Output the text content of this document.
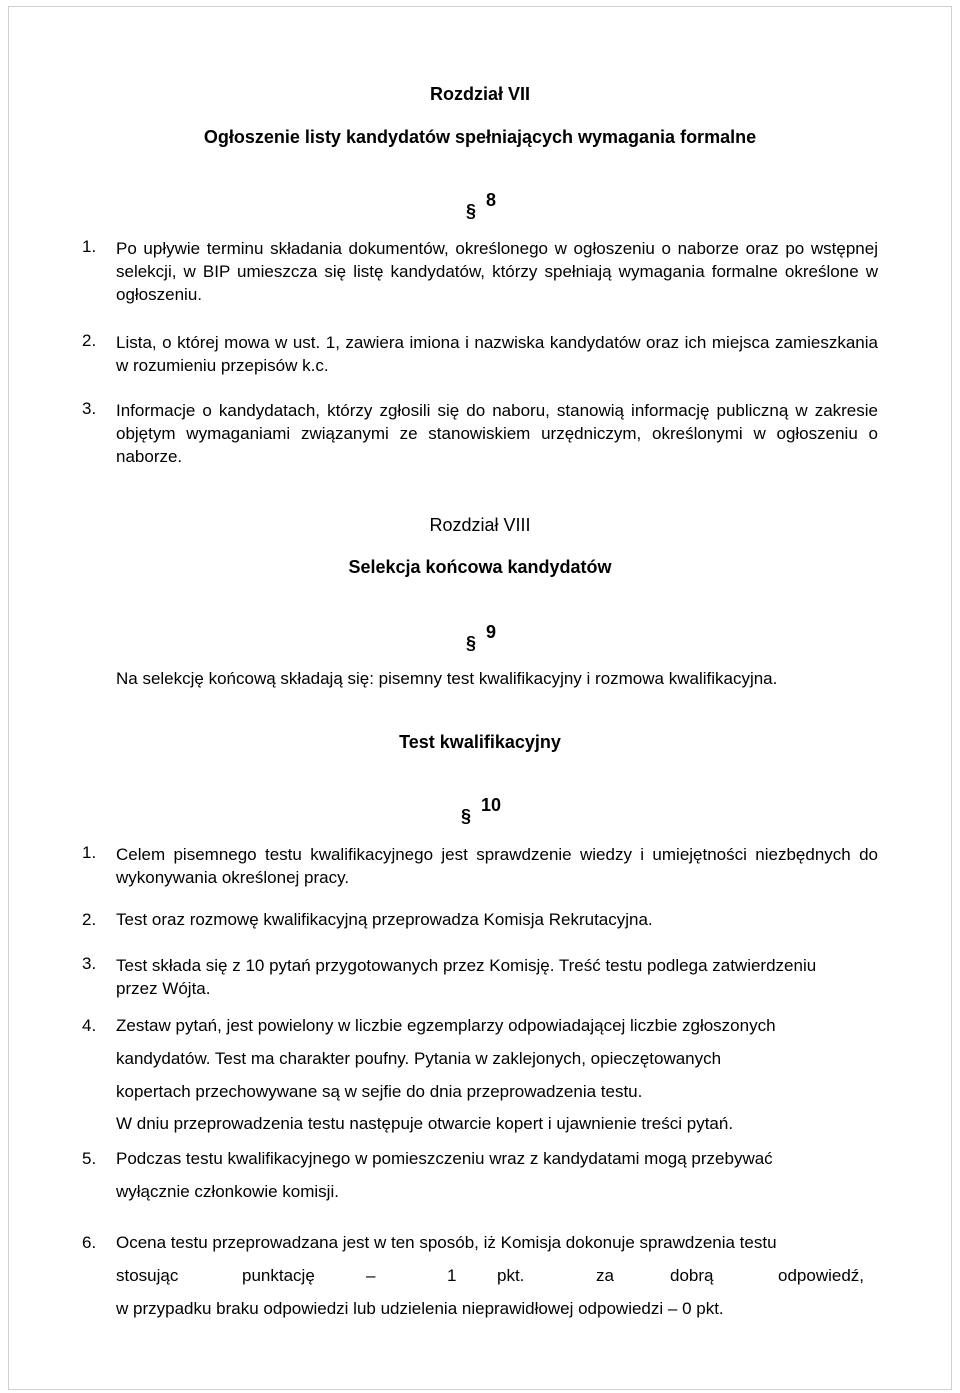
Rozdział VII
Ogłoszenie listy kandydatów spełniających wymagania formalne
§8
1. Po upływie terminu składania dokumentów, określonego w ogłoszeniu o naborze oraz po wstępnej selekcji, w BIP umieszcza się listę kandydatów, którzy spełniają wymagania formalne określone w ogłoszeniu.
2. Lista, o której mowa w ust. 1, zawiera imiona i nazwiska kandydatów oraz ich miejsca zamieszkania w rozumieniu przepisów k.c.
3. Informacje o kandydatach, którzy zgłosili się do naboru, stanowią informację publiczną w zakresie objętym wymaganiami związanymi ze stanowiskiem urzędniczym, określonymi w ogłoszeniu o naborze.
Rozdział VIII
Selekcja końcowa kandydatów
§9
Na selekcję końcową składają się: pisemny test kwalifikacyjny i rozmowa kwalifikacyjna.
Test kwalifikacyjny
§10
1. Celem pisemnego testu kwalifikacyjnego jest sprawdzenie wiedzy i umiejętności niezbędnych do wykonywania określonej pracy.
2. Test oraz rozmowę kwalifikacyjną przeprowadza Komisja Rekrutacyjna.
3. Test składa się z 10 pytań przygotowanych przez Komisję. Treść testu podlega zatwierdzeniu przez Wójta.
4. Zestaw pytań, jest powielony w liczbie egzemplarzy odpowiadającej liczbie zgłoszonych
kandydatów. Test ma charakter poufny. Pytania w zaklejonych, opieczętowanych
kopertach przechowywane są w sejfie do dnia przeprowadzenia testu.
W dniu przeprowadzenia testu następuje otwarcie kopert i ujawnienie treści pytań.
5. Podczas testu kwalifikacyjnego w pomieszczeniu wraz z kandydatami mogą przebywać
wyłącznie członkowie komisji.
6. Ocena testu przeprowadzana jest w ten sposób, iż Komisja dokonuje sprawdzenia testu
stosując	punktację	–	1 pkt.	za	dobrą	odpowiedź,
w przypadku braku odpowiedzi lub udzielenia nieprawidłowej odpowiedzi – 0 pkt.
